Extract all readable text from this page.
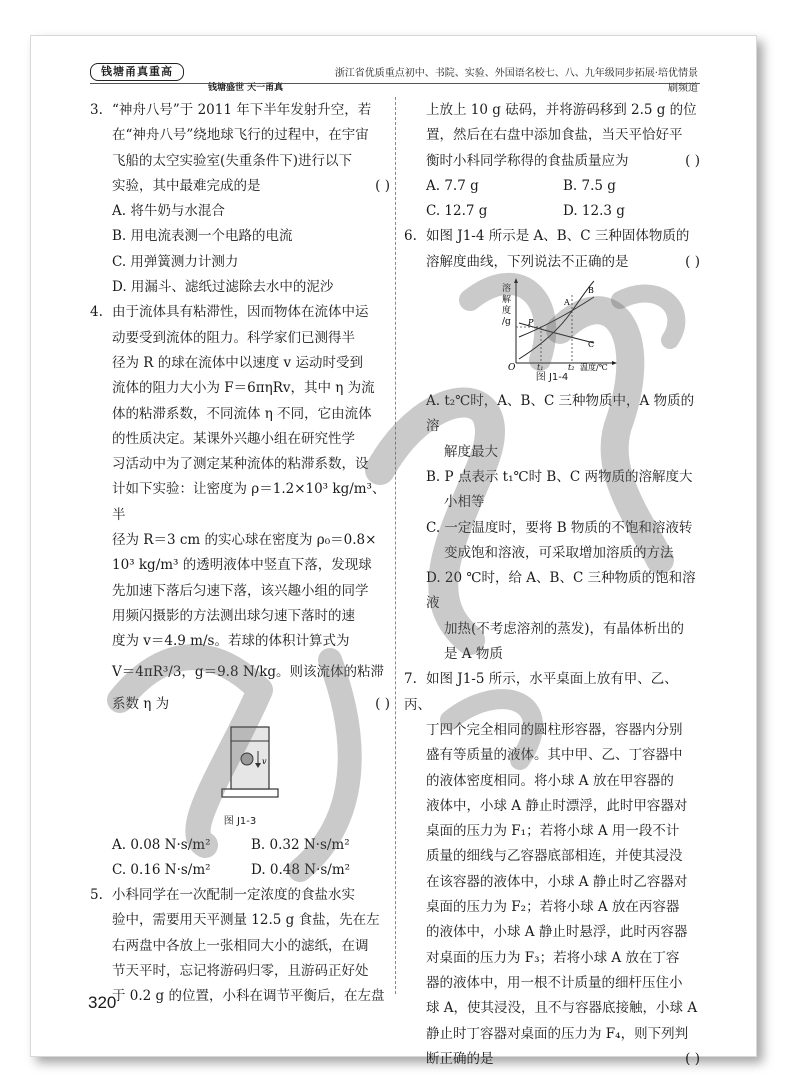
钱塘甬真重高
钱塘盛世 天一甬真
浙江省优质重点初中、书院、实验、外国语名校七、八、九年级同步拓展·培优情景刷频道
3. “神舟八号”于 2011 年下半年发射升空，若
在“神舟八号”绕地球飞行的过程中，在宇宙
飞船的太空实验室(失重条件下)进行以下
实验，其中最难完成的是	( )
A. 将牛奶与水混合
B. 用电流表测一个电路的电流
C. 用弹簧测力计测力
D. 用漏斗、滤纸过滤除去水中的泥沙
4. 由于流体具有粘滞性，因而物体在流体中运
动要受到流体的阻力。科学家们已测得半
径为 R 的球在流体中以速度 v 运动时受到
流体的阻力大小为 F＝6πηRv，其中 η 为流
体的粘滞系数，不同流体 η 不同，它由流体
的性质决定。某课外兴趣小组在研究性学
习活动中为了测定某种流体的粘滞系数，设
计如下实验：让密度为 ρ＝1.2×10³ kg/m³、半
径为 R＝3 cm 的实心球在密度为 ρ₀＝0.8×
10³ kg/m³ 的透明液体中竖直下落，发现球
先加速下落后匀速下落，该兴趣小组的同学
用频闪摄影的方法测出球匀速下落时的速
度为 v＝4.9 m/s。若球的体积计算式为
V＝4πR³/3，g＝9.8 N/kg。则该流体的粘滞
系数 η 为	( )
v
图 J1-3
A. 0.08 N·s/m²	B. 0.32 N·s/m²
C. 0.16 N·s/m²	D. 0.48 N·s/m²
5. 小科同学在一次配制一定浓度的食盐水实
验中，需要用天平测量 12.5 g 食盐，先在左
右两盘中各放上一张相同大小的滤纸，在调
节天平时，忘记将游码归零，且游码正好处
于 0.2 g 的位置，小科在调节平衡后，在左盘
上放上 10 g 砝码，并将游码移到 2.5 g 的位
置，然后在右盘中添加食盐，当天平恰好平
衡时小科同学称得的食盐质量应为	( )
A. 7.7 g	B. 7.5 g
C. 12.7 g	D. 12.3 g
6. 如图 J1-4 所示是 A、B、C 三种固体物质的
溶解度曲线，下列说法不正确的是	( )
溶
解
度
/g
O	t₁	t₂ 温度/℃
P
A
B
C
图 J1-4
A. t₂℃时，A、B、C 三种物质中，A 物质的溶
解度最大
B. P 点表示 t₁℃时 B、C 两物质的溶解度大
小相等
C. 一定温度时，要将 B 物质的不饱和溶液转
变成饱和溶液，可采取增加溶质的方法
D. 20 ℃时，给 A、B、C 三种物质的饱和溶液
加热(不考虑溶剂的蒸发)，有晶体析出的
是 A 物质
7. 如图 J1-5 所示，水平桌面上放有甲、乙、丙、
丁四个完全相同的圆柱形容器，容器内分别
盛有等质量的液体。其中甲、乙、丁容器中
的液体密度相同。将小球 A 放在甲容器的
液体中，小球 A 静止时漂浮，此时甲容器对
桌面的压力为 F₁；若将小球 A 用一段不计
质量的细线与乙容器底部相连，并使其浸没
在该容器的液体中，小球 A 静止时乙容器对
桌面的压力为 F₂；若将小球 A 放在丙容器
的液体中，小球 A 静止时悬浮，此时丙容器
对桌面的压力为 F₃；若将小球 A 放在丁容
器的液体中，用一根不计质量的细杆压住小
球 A，使其浸没，且不与容器底接触，小球 A
静止时丁容器对桌面的压力为 F₄，则下列判
断正确的是	( )
320
